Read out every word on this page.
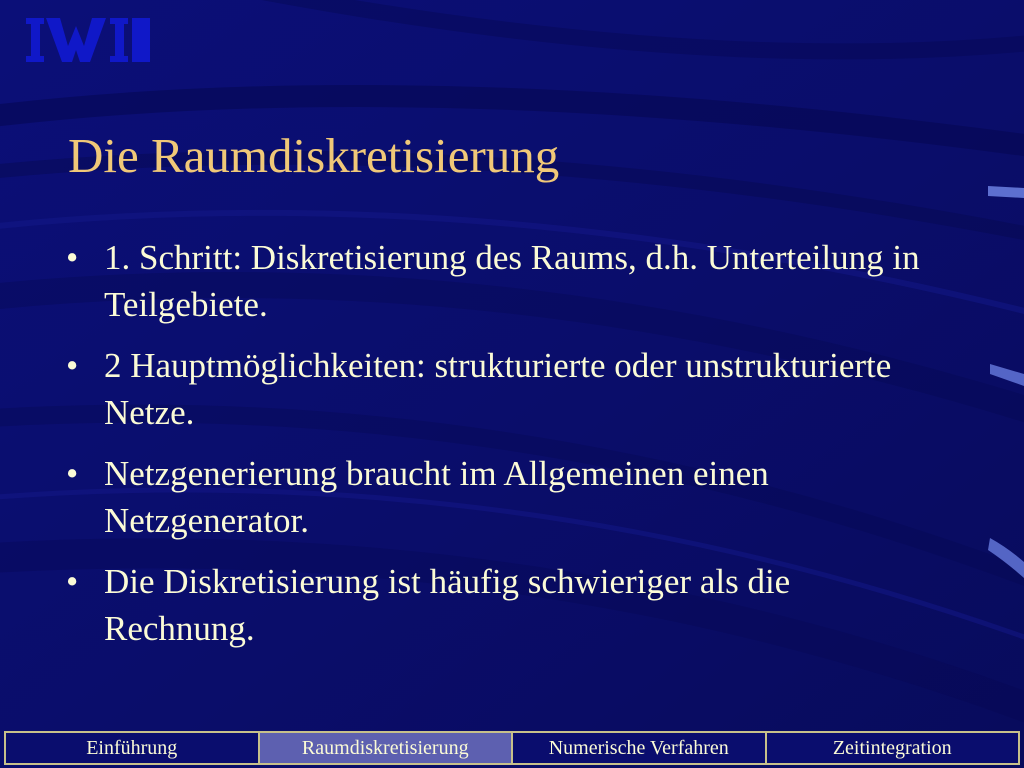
Die Raumdiskretisierung
• 1. Schritt: Diskretisierung des Raums, d.h. Unterteilung in Teilgebiete.
• 2 Hauptmöglichkeiten: strukturierte oder unstrukturierte Netze.
• Netzgenerierung braucht im Allgemeinen einen Netzgenerator.
• Die Diskretisierung ist häufig schwieriger als die Rechnung.
Einführung	Raumdiskretisierung	Numerische Verfahren	Zeitintegration
